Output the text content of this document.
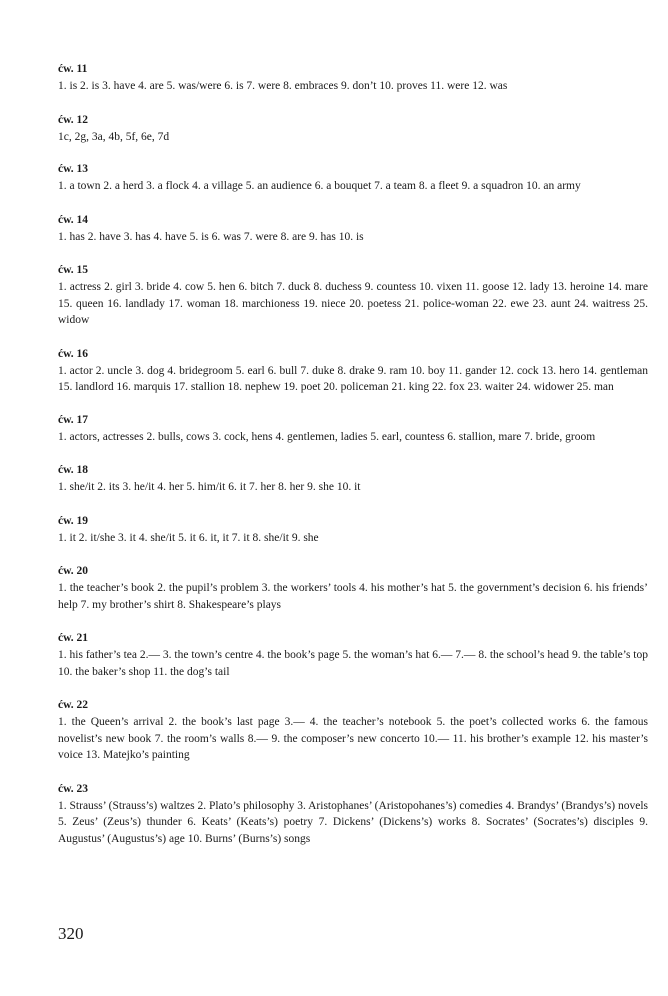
ćw. 11

1. is 2. is 3. have 4. are 5. was/were 6. is 7. were 8. embraces 9. don’t 10. proves 11. were 12. was

ćw. 12

1c, 2g, 3a, 4b, 5f, 6e, 7d

ćw. 13

1. a town 2. a herd 3. a flock 4. a village 5. an audience 6. a bouquet 7. a team 8. a fleet 9. a squadron 10. an army

ćw. 14

1. has 2. have 3. has 4. have 5. is 6. was 7. were 8. are 9. has 10. is

ćw. 15

1. actress 2. girl 3. bride 4. cow 5. hen 6. bitch 7. duck 8. duchess 9. countess 10. vixen 11. goose 12. lady 13. heroine 14. mare 15. queen 16. landlady 17. woman 18. marchioness 19. niece 20. poetess 21. police-woman 22. ewe 23. aunt 24. waitress 25. widow

ćw. 16

1. actor 2. uncle 3. dog 4. bridegroom 5. earl 6. bull 7. duke 8. drake 9. ram 10. boy 11. gander 12. cock 13. hero 14. gentleman 15. landlord 16. marquis 17. stallion 18. nephew 19. poet 20. policeman 21. king 22. fox 23. waiter 24. widower 25. man

ćw. 17

1. actors, actresses 2. bulls, cows 3. cock, hens 4. gentlemen, ladies 5. earl, countess 6. stallion, mare 7. bride, groom

ćw. 18

1. she/it 2. its 3. he/it 4. her 5. him/it 6. it 7. her 8. her 9. she 10. it

ćw. 19

1. it 2. it/she 3. it 4. she/it 5. it 6. it, it 7. it 8. she/it 9. she

ćw. 20

1. the teacher’s book 2. the pupil’s problem 3. the workers’ tools 4. his mother’s hat 5. the government’s decision 6. his friends’ help 7. my brother’s shirt 8. Shakespeare’s plays

ćw. 21

1. his father’s tea 2.— 3. the town’s centre 4. the book’s page 5. the woman’s hat 6.— 7.— 8. the school’s head 9. the table’s top 10. the baker’s shop 11. the dog’s tail

ćw. 22

1. the Queen’s arrival 2. the book’s last page 3.— 4. the teacher’s notebook 5. the poet’s collected works 6. the famous novelist’s new book 7. the room’s walls 8.— 9. the composer’s new concerto 10.— 11. his brother’s example 12. his master’s voice 13. Matejko’s painting

ćw. 23

1. Strauss’ (Strauss’s) waltzes 2. Plato’s philosophy 3. Aristophanes’ (Aristopohanes’s) comedies 4. Brandys’ (Brandys’s) novels 5. Zeus’ (Zeus’s) thunder 6. Keats’ (Keats’s) poetry 7. Dickens’ (Dickens’s) works 8. Socrates’ (Socrates’s) disciples 9. Augustus’ (Augustus’s) age 10. Burns’ (Burns’s) songs

320
